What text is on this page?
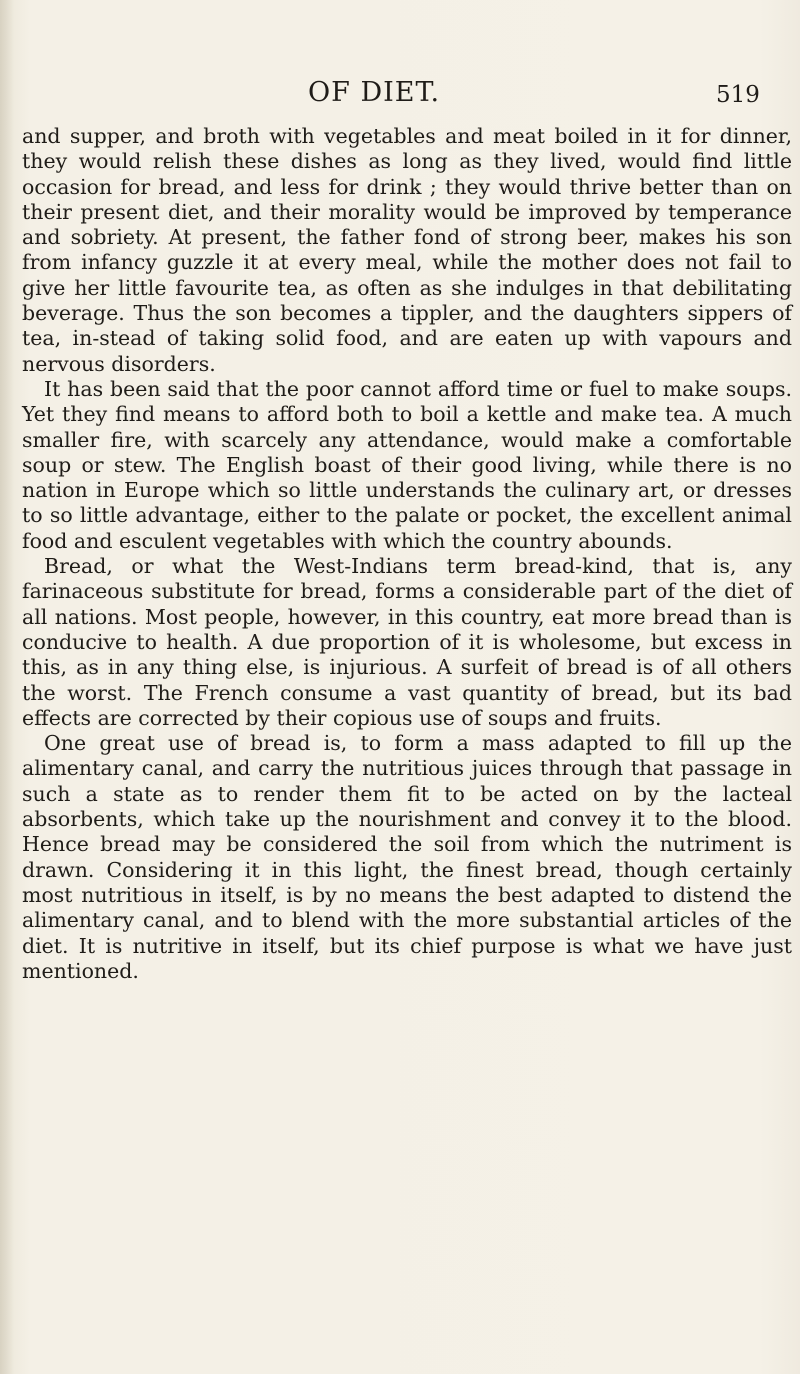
OF DIET.	519

and supper, and broth with vegetables and meat boiled in it for dinner, they would relish these dishes as long as they lived, would find little occasion for bread, and less for drink ; they would thrive better than on their present diet, and their morality would be improved by temperance and sobriety. At present, the father fond of strong beer, makes his son from infancy guzzle it at every meal, while the mother does not fail to give her little favourite tea, as often as she indulges in that debilitating beverage. Thus the son becomes a tippler, and the daughters sippers of tea, in-stead of taking solid food, and are eaten up with vapours and nervous disorders.

It has been said that the poor cannot afford time or fuel to make soups. Yet they find means to afford both to boil a kettle and make tea. A much smaller fire, with scarcely any attendance, would make a comfortable soup or stew. The English boast of their good living, while there is no nation in Europe which so little understands the culinary art, or dresses to so little advantage, either to the palate or pocket, the excellent animal food and esculent vegetables with which the country abounds.

Bread, or what the West-Indians term bread-kind, that is, any farinaceous substitute for bread, forms a considerable part of the diet of all nations. Most people, however, in this country, eat more bread than is conducive to health. A due proportion of it is wholesome, but excess in this, as in any thing else, is injurious. A surfeit of bread is of all others the worst. The French consume a vast quantity of bread, but its bad effects are corrected by their copious use of soups and fruits.

One great use of bread is, to form a mass adapted to fill up the alimentary canal, and carry the nutritious juices through that passage in such a state as to render them fit to be acted on by the lacteal absorbents, which take up the nourishment and convey it to the blood. Hence bread may be considered the soil from which the nutriment is drawn. Considering it in this light, the finest bread, though certainly most nutritious in itself, is by no means the best adapted to distend the alimentary canal, and to blend with the more substantial articles of the diet. It is nutritive in itself, but its chief purpose is what we have just mentioned.
